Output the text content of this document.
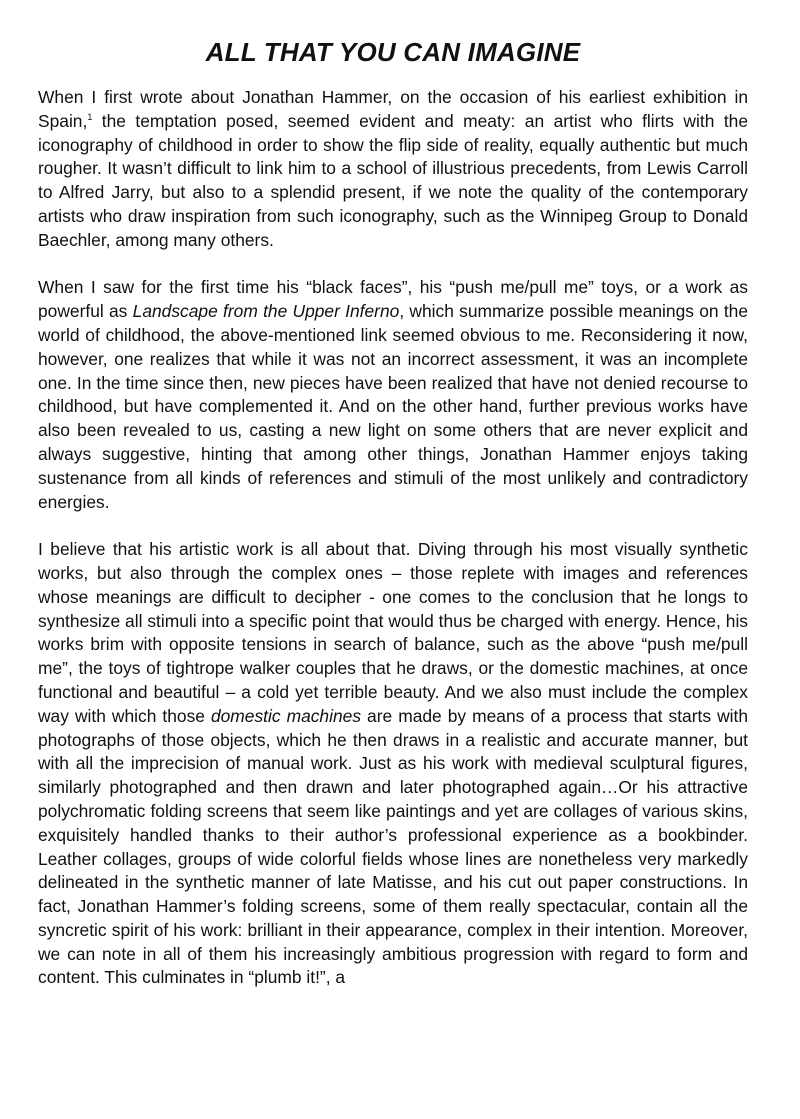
ALL THAT YOU CAN IMAGINE

When I first wrote about Jonathan Hammer, on the occasion of his earliest exhibition in Spain,$^1$ the temptation posed, seemed evident and meaty: an artist who flirts with the iconography of childhood in order to show the flip side of reality, equally authentic but much rougher. It wasn’t difficult to link him to a school of illustrious precedents, from Lewis Carroll to Alfred Jarry, but also to a splendid present, if we note the quality of the contemporary artists who draw inspiration from such iconography, such as the Winnipeg Group to Donald Baechler, among many others.

When I saw for the first time his “black faces”, his “push me/pull me” toys, or a work as powerful as Landscape from the Upper Inferno, which summarize possible meanings on the world of childhood, the above-mentioned link seemed obvious to me. Reconsidering it now, however, one realizes that while it was not an incorrect assessment, it was an incomplete one. In the time since then, new pieces have been realized that have not denied recourse to childhood, but have complemented it. And on the other hand, further previous works have also been revealed to us, casting a new light on some others that are never explicit and always suggestive, hinting that among other things, Jonathan Hammer enjoys taking sustenance from all kinds of references and stimuli of the most unlikely and contradictory energies.

I believe that his artistic work is all about that. Diving through his most visually synthetic works, but also through the complex ones – those replete with images and references whose meanings are difficult to decipher - one comes to the conclusion that he longs to synthesize all stimuli into a specific point that would thus be charged with energy. Hence, his works brim with opposite tensions in search of balance, such as the above “push me/pull me”, the toys of tightrope walker couples that he draws, or the domestic machines, at once functional and beautiful – a cold yet terrible beauty. And we also must include the complex way with which those domestic machines are made by means of a process that starts with photographs of those objects, which he then draws in a realistic and accurate manner, but with all the imprecision of manual work. Just as his work with medieval sculptural figures, similarly photographed and then drawn and later photographed again…Or his attractive polychromatic folding screens that seem like paintings and yet are collages of various skins, exquisitely handled thanks to their author’s professional experience as a bookbinder. Leather collages, groups of wide colorful fields whose lines are nonetheless very markedly delineated in the synthetic manner of late Matisse, and his cut out paper constructions. In fact, Jonathan Hammer’s folding screens, some of them really spectacular, contain all the syncretic spirit of his work: brilliant in their appearance, complex in their intention. Moreover, we can note in all of them his increasingly ambitious progression with regard to form and content. This culminates in “plumb it!”, a
